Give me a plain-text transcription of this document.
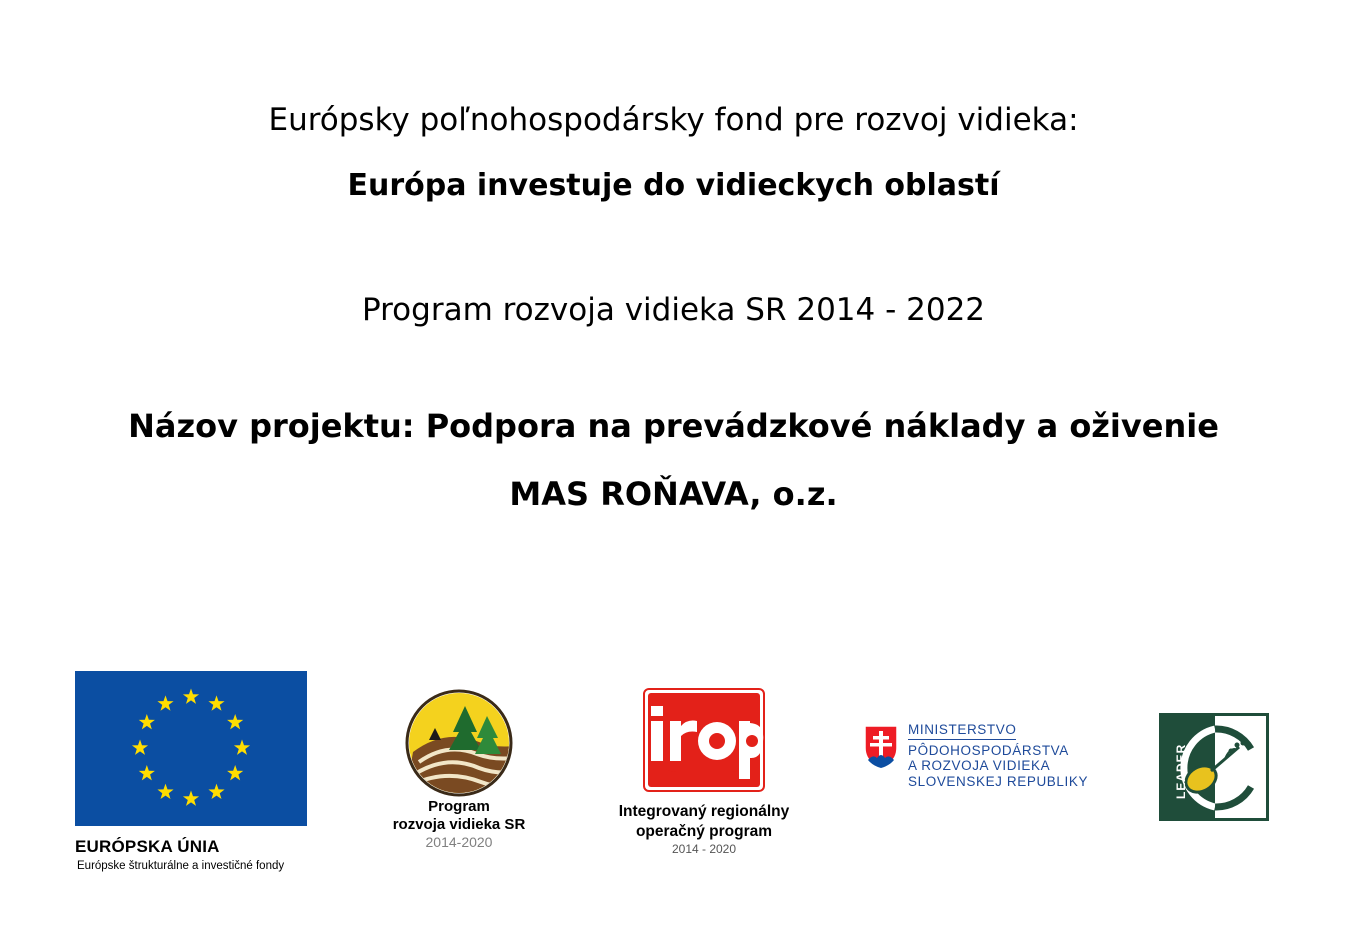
Európsky poľnohospodársky fond pre rozvoj vidieka:
Európa investuje do vidieckych oblastí
Program rozvoja vidieka SR 2014 - 2022
Názov projektu: Podpora na prevádzkové náklady a oživenie
MAS ROŇAVA, o.z.
EURÓPSKA ÚNIA
Európske štrukturálne a investičné fondy
Program
rozvoja vidieka SR
2014-2020
Integrovaný regionálny
operačný program
2014 - 2020
MINISTERSTVO
PÔDOHOSPODÁRSTVA
A ROZVOJA VIDIEKA
SLOVENSKEJ REPUBLIKY	LEADER
